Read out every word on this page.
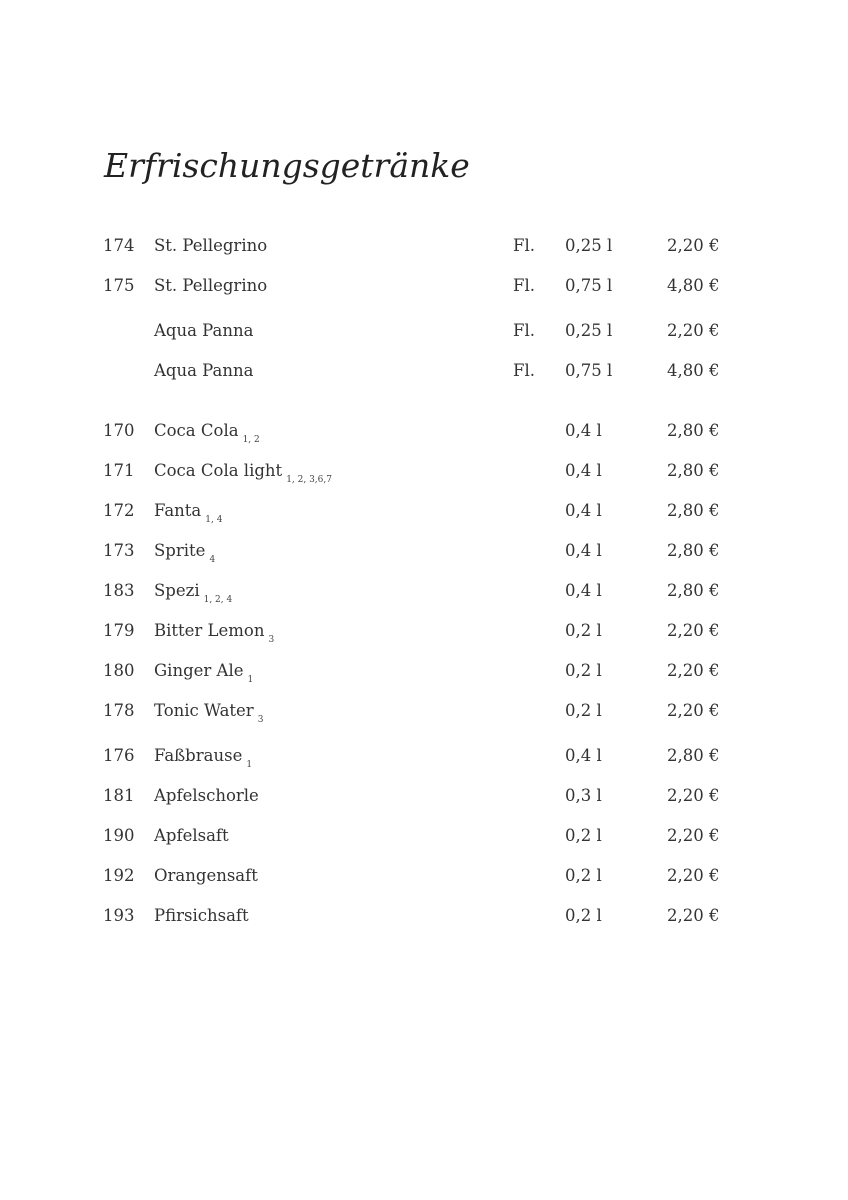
Erfrischungsgetränke
174 St. Pellegrino	Fl. 0,25 l	2,20 €
175 St. Pellegrino	Fl. 0,75 l	4,80 €
Aqua Panna	Fl. 0,25 l	2,20 €
Aqua Panna	Fl. 0,75 l	4,80 €
170 Coca Cola $_{1, 2}$	0,4 l	2,80 €
171 Coca Cola light $_{1, 2, 3,6,7}$	0,4 l	2,80 €
172 Fanta $_{1, 4}$	0,4 l	2,80 €
173 Sprite $_4$	0,4 l	2,80 €
183 Spezi $_{1, 2, 4}$	0,4 l	2,80 €
179 Bitter Lemon $_3$	0,2 l	2,20 €
180 Ginger Ale $_1$	0,2 l	2,20 €
178 Tonic Water $_3$	0,2 l	2,20 €
176 Faßbrause $_1$	0,4 l	2,80 €
181 Apfelschorle	0,3 l	2,20 €
190 Apfelsaft	0,2 l	2,20 €
192 Orangensaft	0,2 l	2,20 €
193 Pfirsichsaft	0,2 l	2,20 €
